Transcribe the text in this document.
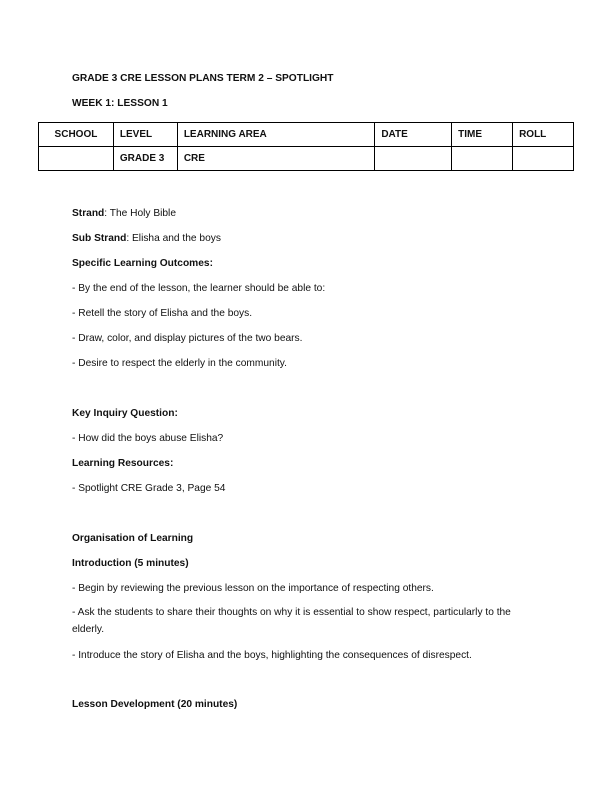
GRADE 3 CRE LESSON PLANS TERM 2 – SPOTLIGHT
WEEK 1: LESSON 1
SCHOOL	LEVEL	LEARNING AREA	DATE	TIME	ROLL
	GRADE 3	CRE			
Strand: The Holy Bible
Sub Strand: Elisha and the boys
Specific Learning Outcomes:
- By the end of the lesson, the learner should be able to:
- Retell the story of Elisha and the boys.
- Draw, color, and display pictures of the two bears.
- Desire to respect the elderly in the community.
Key Inquiry Question:
- How did the boys abuse Elisha?
Learning Resources:
- Spotlight CRE Grade 3, Page 54
Organisation of Learning
Introduction (5 minutes)
- Begin by reviewing the previous lesson on the importance of respecting others.
- Ask the students to share their thoughts on why it is essential to show respect, particularly to the elderly.
- Introduce the story of Elisha and the boys, highlighting the consequences of disrespect.
Lesson Development (20 minutes)
